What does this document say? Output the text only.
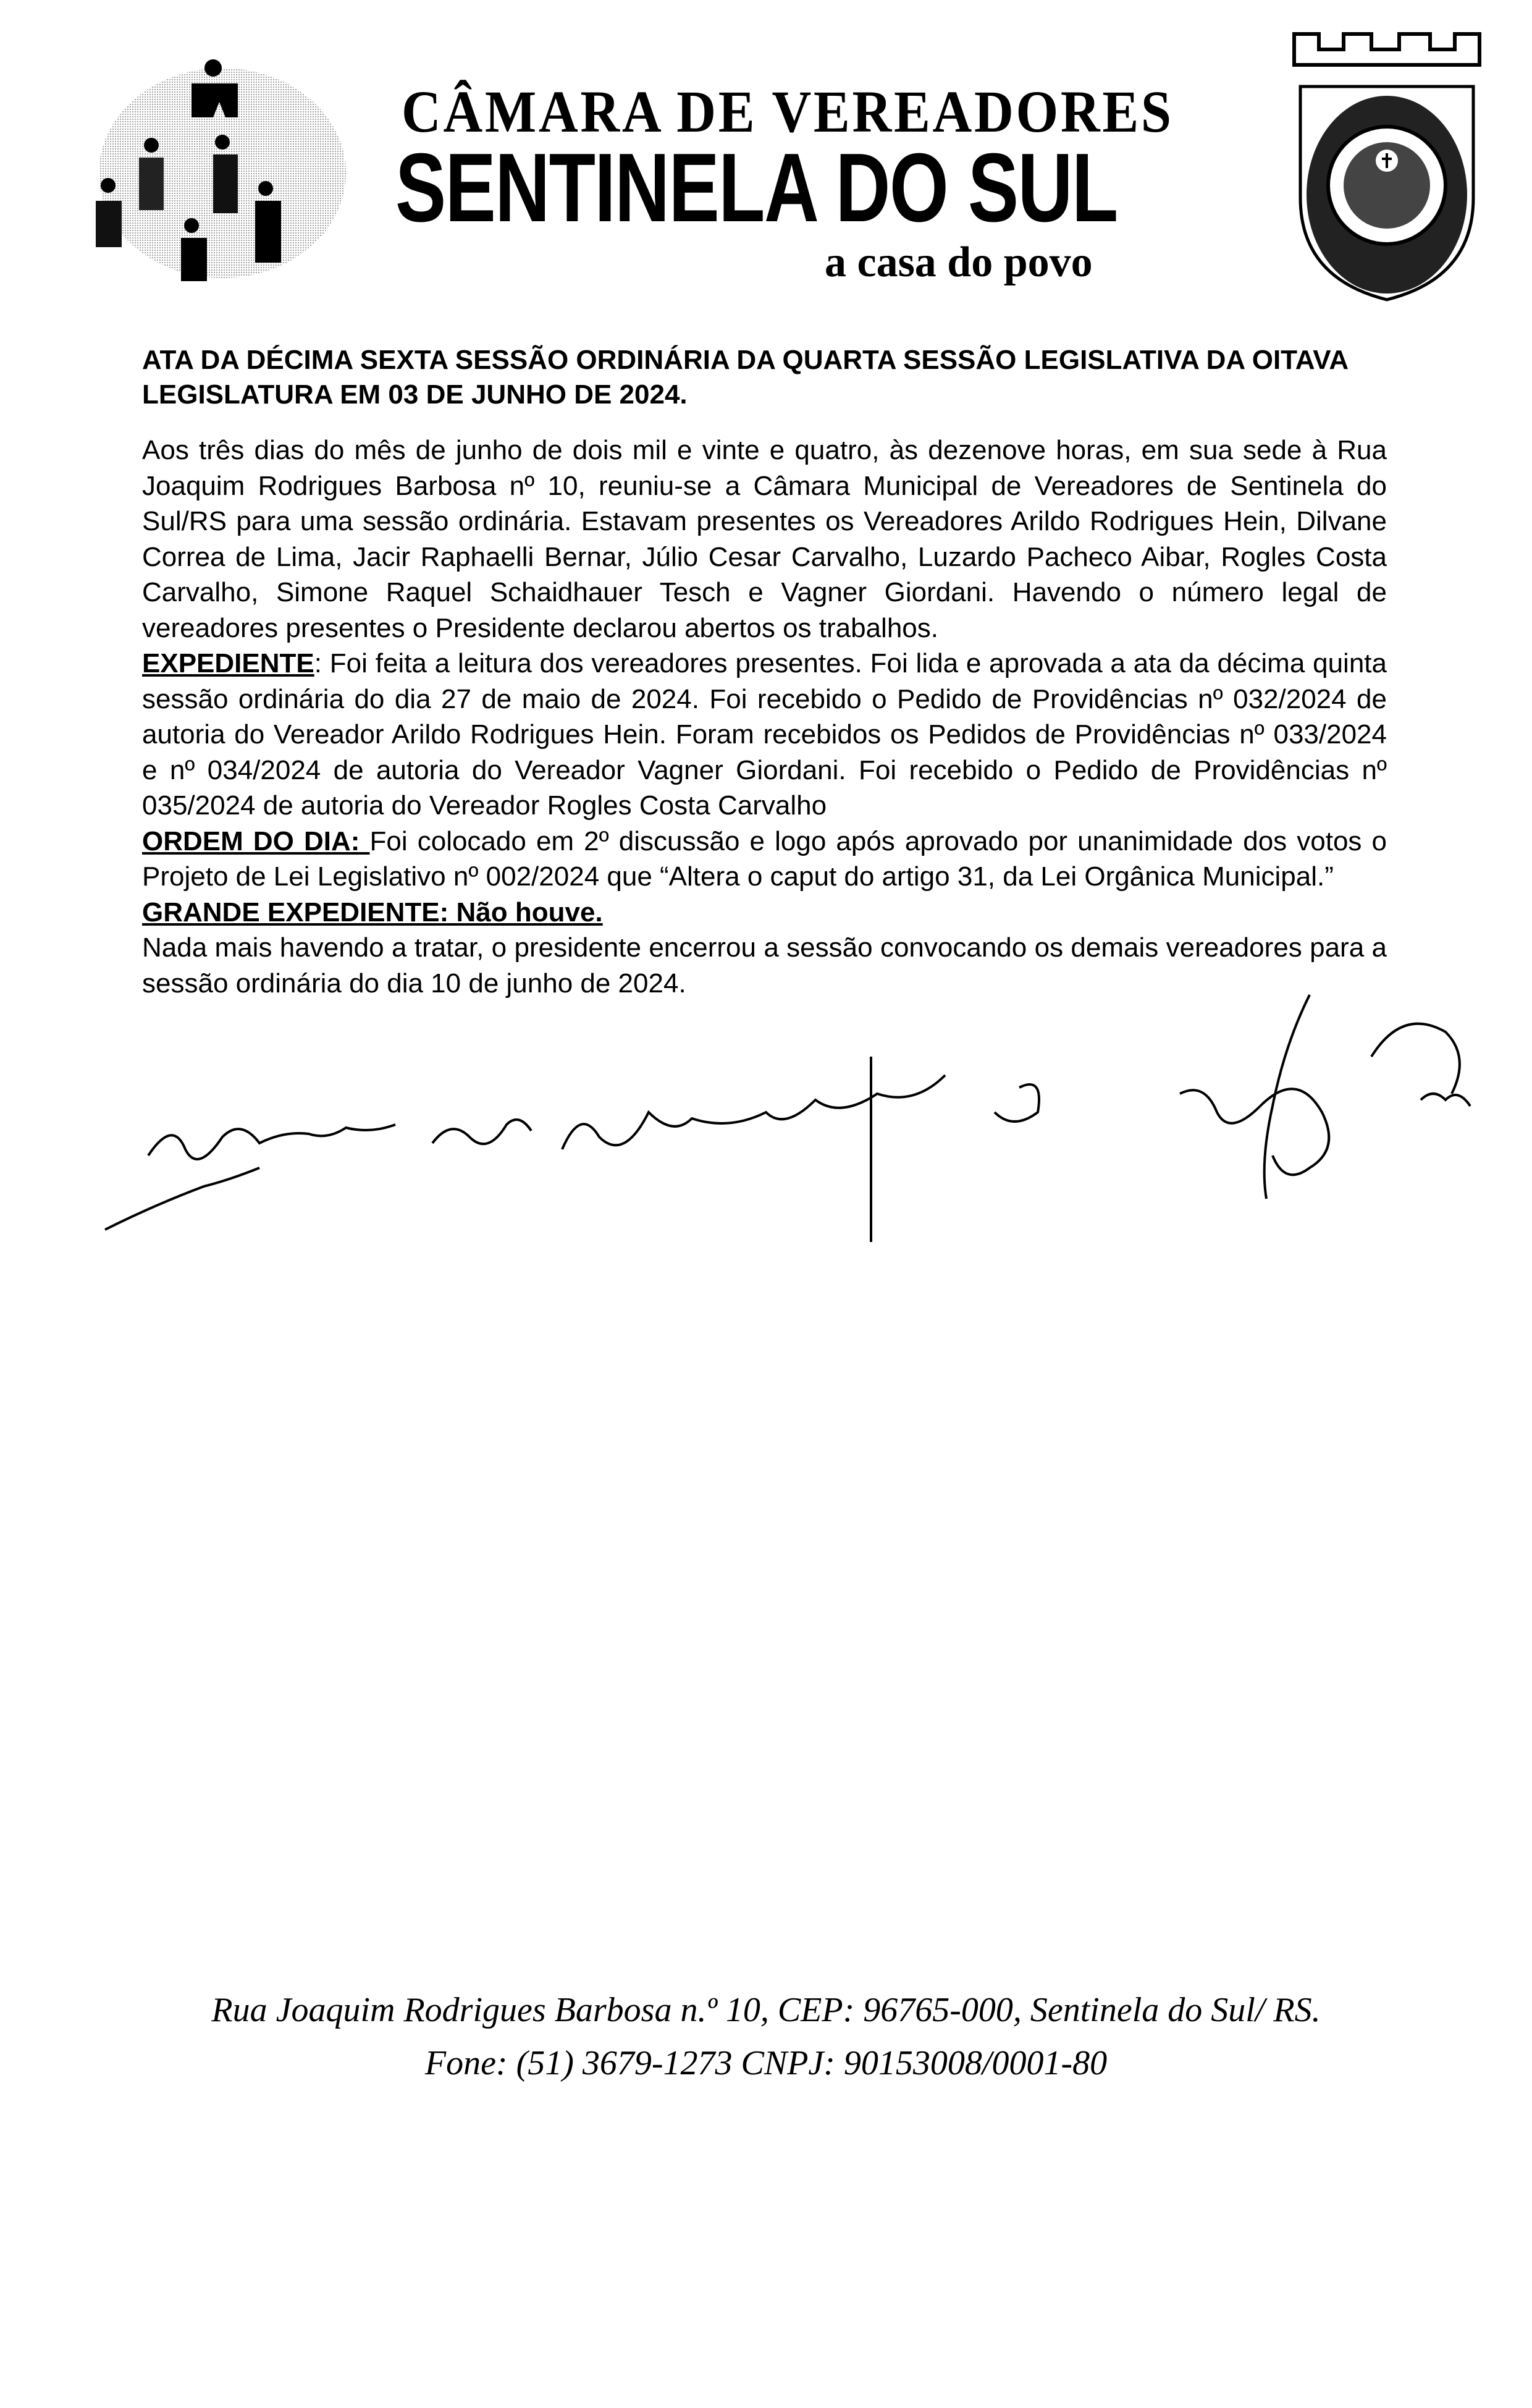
CÂMARA DE VEREADORES
SENTINELA DO SUL
a casa do povo
ATA DA DÉCIMA SEXTA SESSÃO ORDINÁRIA DA QUARTA SESSÃO LEGISLATIVA DA OITAVA LEGISLATURA EM 03 DE JUNHO DE 2024.

Aos três dias do mês de junho de dois mil e vinte e quatro, às dezenove horas, em sua sede à Rua Joaquim Rodrigues Barbosa nº 10, reuniu-se a Câmara Municipal de Vereadores de Sentinela do Sul/RS para uma sessão ordinária. Estavam presentes os Vereadores Arildo Rodrigues Hein, Dilvane Correa de Lima, Jacir Raphaelli Bernar, Júlio Cesar Carvalho, Luzardo Pacheco Aibar, Rogles Costa Carvalho, Simone Raquel Schaidhauer Tesch e Vagner Giordani. Havendo o número legal de vereadores presentes o Presidente declarou abertos os trabalhos.

EXPEDIENTE: Foi feita a leitura dos vereadores presentes. Foi lida e aprovada a ata da décima quinta sessão ordinária do dia 27 de maio de 2024. Foi recebido o Pedido de Providências nº 032/2024 de autoria do Vereador Arildo Rodrigues Hein. Foram recebidos os Pedidos de Providências nº 033/2024 e nº 034/2024 de autoria do Vereador Vagner Giordani. Foi recebido o Pedido de Providências nº 035/2024 de autoria do Vereador Rogles Costa Carvalho

ORDEM DO DIA: Foi colocado em 2º discussão e logo após aprovado por unanimidade dos votos o Projeto de Lei Legislativo nº 002/2024 que “Altera o caput do artigo 31, da Lei Orgânica Municipal.”

GRANDE EXPEDIENTE: Não houve.

Nada mais havendo a tratar, o presidente encerrou a sessão convocando os demais vereadores para a sessão ordinária do dia 10 de junho de 2024.

Rua Joaquim Rodrigues Barbosa n.º 10, CEP: 96765-000, Sentinela do Sul/ RS.
Fone: (51) 3679-1273 CNPJ: 90153008/0001-80
